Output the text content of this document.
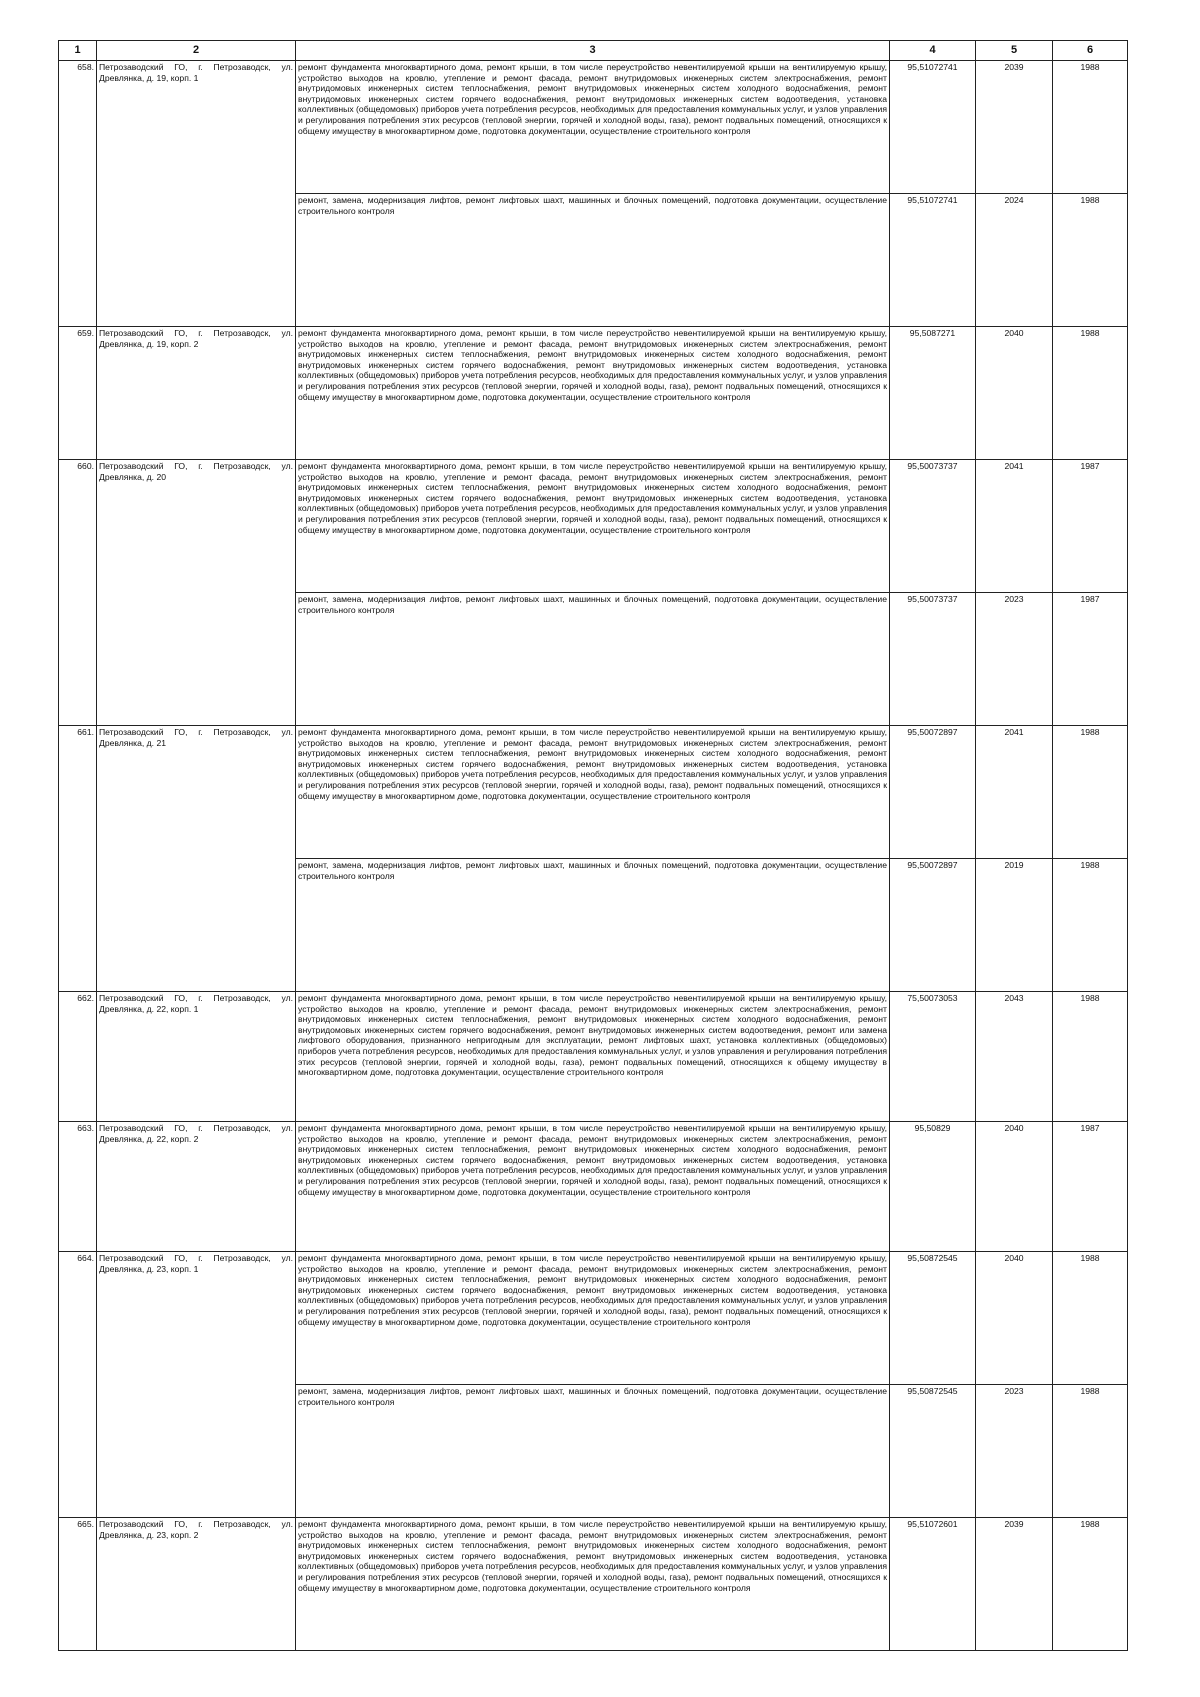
1	2	3	4	5	6
658.	Петрозаводский ГО, г. Петрозаводск, ул. Древлянка, д. 19, корп. 1	ремонт фундамента многоквартирного дома, ремонт крыши, в том числе переустройство невентилируемой крыши на вентилируемую крышу, устройство выходов на кровлю, утепление и ремонт фасада, ремонт внутридомовых инженерных систем электроснабжения, ремонт внутридомовых инженерных систем теплоснабжения, ремонт внутридомовых инженерных систем холодного водоснабжения, ремонт внутридомовых инженерных систем горячего водоснабжения, ремонт внутридомовых инженерных систем водоотведения, установка коллективных (общедомовых) приборов учета потребления ресурсов, необходимых для предоставления коммунальных услуг, и узлов управления и регулирования потребления этих ресурсов (тепловой энергии, горячей и холодной воды, газа), ремонт подвальных помещений, относящихся к общему имуществу в многоквартирном доме, подготовка документации, осуществление строительного контроля	95,51072741	2039	1988
		ремонт, замена, модернизация лифтов, ремонт лифтовых шахт, машинных и блочных помещений, подготовка документации, осуществление строительного контроля	95,51072741	2024	1988
659.	Петрозаводский ГО, г. Петрозаводск, ул. Древлянка, д. 19, корп. 2	ремонт фундамента многоквартирного дома, ремонт крыши, в том числе переустройство невентилируемой крыши на вентилируемую крышу, устройство выходов на кровлю, утепление и ремонт фасада, ремонт внутридомовых инженерных систем электроснабжения, ремонт внутридомовых инженерных систем теплоснабжения, ремонт внутридомовых инженерных систем холодного водоснабжения, ремонт внутридомовых инженерных систем горячего водоснабжения, ремонт внутридомовых инженерных систем водоотведения, установка коллективных (общедомовых) приборов учета потребления ресурсов, необходимых для предоставления коммунальных услуг, и узлов управления и регулирования потребления этих ресурсов (тепловой энергии, горячей и холодной воды, газа), ремонт подвальных помещений, относящихся к общему имуществу в многоквартирном доме, подготовка документации, осуществление строительного контроля	95,5087271	2040	1988
660.	Петрозаводский ГО, г. Петрозаводск, ул. Древлянка, д. 20	ремонт фундамента многоквартирного дома, ремонт крыши, в том числе переустройство невентилируемой крыши на вентилируемую крышу, устройство выходов на кровлю, утепление и ремонт фасада, ремонт внутридомовых инженерных систем электроснабжения, ремонт внутридомовых инженерных систем теплоснабжения, ремонт внутридомовых инженерных систем холодного водоснабжения, ремонт внутридомовых инженерных систем горячего водоснабжения, ремонт внутридомовых инженерных систем водоотведения, установка коллективных (общедомовых) приборов учета потребления ресурсов, необходимых для предоставления коммунальных услуг, и узлов управления и регулирования потребления этих ресурсов (тепловой энергии, горячей и холодной воды, газа), ремонт подвальных помещений, относящихся к общему имуществу в многоквартирном доме, подготовка документации, осуществление строительного контроля	95,50073737	2041	1987
		ремонт, замена, модернизация лифтов, ремонт лифтовых шахт, машинных и блочных помещений, подготовка документации, осуществление строительного контроля	95,50073737	2023	1987
661.	Петрозаводский ГО, г. Петрозаводск, ул. Древлянка, д. 21	ремонт фундамента многоквартирного дома, ремонт крыши, в том числе переустройство невентилируемой крыши на вентилируемую крышу, устройство выходов на кровлю, утепление и ремонт фасада, ремонт внутридомовых инженерных систем электроснабжения, ремонт внутридомовых инженерных систем теплоснабжения, ремонт внутридомовых инженерных систем холодного водоснабжения, ремонт внутридомовых инженерных систем горячего водоснабжения, ремонт внутридомовых инженерных систем водоотведения, установка коллективных (общедомовых) приборов учета потребления ресурсов, необходимых для предоставления коммунальных услуг, и узлов управления и регулирования потребления этих ресурсов (тепловой энергии, горячей и холодной воды, газа), ремонт подвальных помещений, относящихся к общему имуществу в многоквартирном доме, подготовка документации, осуществление строительного контроля	95,50072897	2041	1988
		ремонт, замена, модернизация лифтов, ремонт лифтовых шахт, машинных и блочных помещений, подготовка документации, осуществление строительного контроля	95,50072897	2019	1988
662.	Петрозаводский ГО, г. Петрозаводск, ул. Древлянка, д. 22, корп. 1	ремонт фундамента многоквартирного дома, ремонт крыши, в том числе переустройство невентилируемой крыши на вентилируемую крышу, устройство выходов на кровлю, утепление и ремонт фасада, ремонт внутридомовых инженерных систем электроснабжения, ремонт внутридомовых инженерных систем теплоснабжения, ремонт внутридомовых инженерных систем холодного водоснабжения, ремонт внутридомовых инженерных систем горячего водоснабжения, ремонт внутридомовых инженерных систем водоотведения, ремонт или замена лифтового оборудования, признанного непригодным для эксплуатации, ремонт лифтовых шахт, установка коллективных (общедомовых) приборов учета потребления ресурсов, необходимых для предоставления коммунальных услуг, и узлов управления и регулирования потребления этих ресурсов (тепловой энергии, горячей и холодной воды, газа), ремонт подвальных помещений, относящихся к общему имуществу в многоквартирном доме, подготовка документации, осуществление строительного контроля	75,50073053	2043	1988
663.	Петрозаводский ГО, г. Петрозаводск, ул. Древлянка, д. 22, корп. 2	ремонт фундамента многоквартирного дома, ремонт крыши, в том числе переустройство невентилируемой крыши на вентилируемую крышу, устройство выходов на кровлю, утепление и ремонт фасада, ремонт внутридомовых инженерных систем электроснабжения, ремонт внутридомовых инженерных систем теплоснабжения, ремонт внутридомовых инженерных систем холодного водоснабжения, ремонт внутридомовых инженерных систем горячего водоснабжения, ремонт внутридомовых инженерных систем водоотведения, установка коллективных (общедомовых) приборов учета потребления ресурсов, необходимых для предоставления коммунальных услуг, и узлов управления и регулирования потребления этих ресурсов (тепловой энергии, горячей и холодной воды, газа), ремонт подвальных помещений, относящихся к общему имуществу в многоквартирном доме, подготовка документации, осуществление строительного контроля	95,50829	2040	1987
664.	Петрозаводский ГО, г. Петрозаводск, ул. Древлянка, д. 23, корп. 1	ремонт фундамента многоквартирного дома, ремонт крыши, в том числе переустройство невентилируемой крыши на вентилируемую крышу, устройство выходов на кровлю, утепление и ремонт фасада, ремонт внутридомовых инженерных систем электроснабжения, ремонт внутридомовых инженерных систем теплоснабжения, ремонт внутридомовых инженерных систем холодного водоснабжения, ремонт внутридомовых инженерных систем горячего водоснабжения, ремонт внутридомовых инженерных систем водоотведения, установка коллективных (общедомовых) приборов учета потребления ресурсов, необходимых для предоставления коммунальных услуг, и узлов управления и регулирования потребления этих ресурсов (тепловой энергии, горячей и холодной воды, газа), ремонт подвальных помещений, относящихся к общему имуществу в многоквартирном доме, подготовка документации, осуществление строительного контроля	95,50872545	2040	1988
		ремонт, замена, модернизация лифтов, ремонт лифтовых шахт, машинных и блочных помещений, подготовка документации, осуществление строительного контроля	95,50872545	2023	1988
665.	Петрозаводский ГО, г. Петрозаводск, ул. Древлянка, д. 23, корп. 2	ремонт фундамента многоквартирного дома, ремонт крыши, в том числе переустройство невентилируемой крыши на вентилируемую крышу, устройство выходов на кровлю, утепление и ремонт фасада, ремонт внутридомовых инженерных систем электроснабжения, ремонт внутридомовых инженерных систем теплоснабжения, ремонт внутридомовых инженерных систем холодного водоснабжения, ремонт внутридомовых инженерных систем горячего водоснабжения, ремонт внутридомовых инженерных систем водоотведения, установка коллективных (общедомовых) приборов учета потребления ресурсов, необходимых для предоставления коммунальных услуг, и узлов управления и регулирования потребления этих ресурсов (тепловой энергии, горячей и холодной воды, газа), ремонт подвальных помещений, относящихся к общему имуществу в многоквартирном доме, подготовка документации, осуществление строительного контроля	95,51072601	2039	1988
